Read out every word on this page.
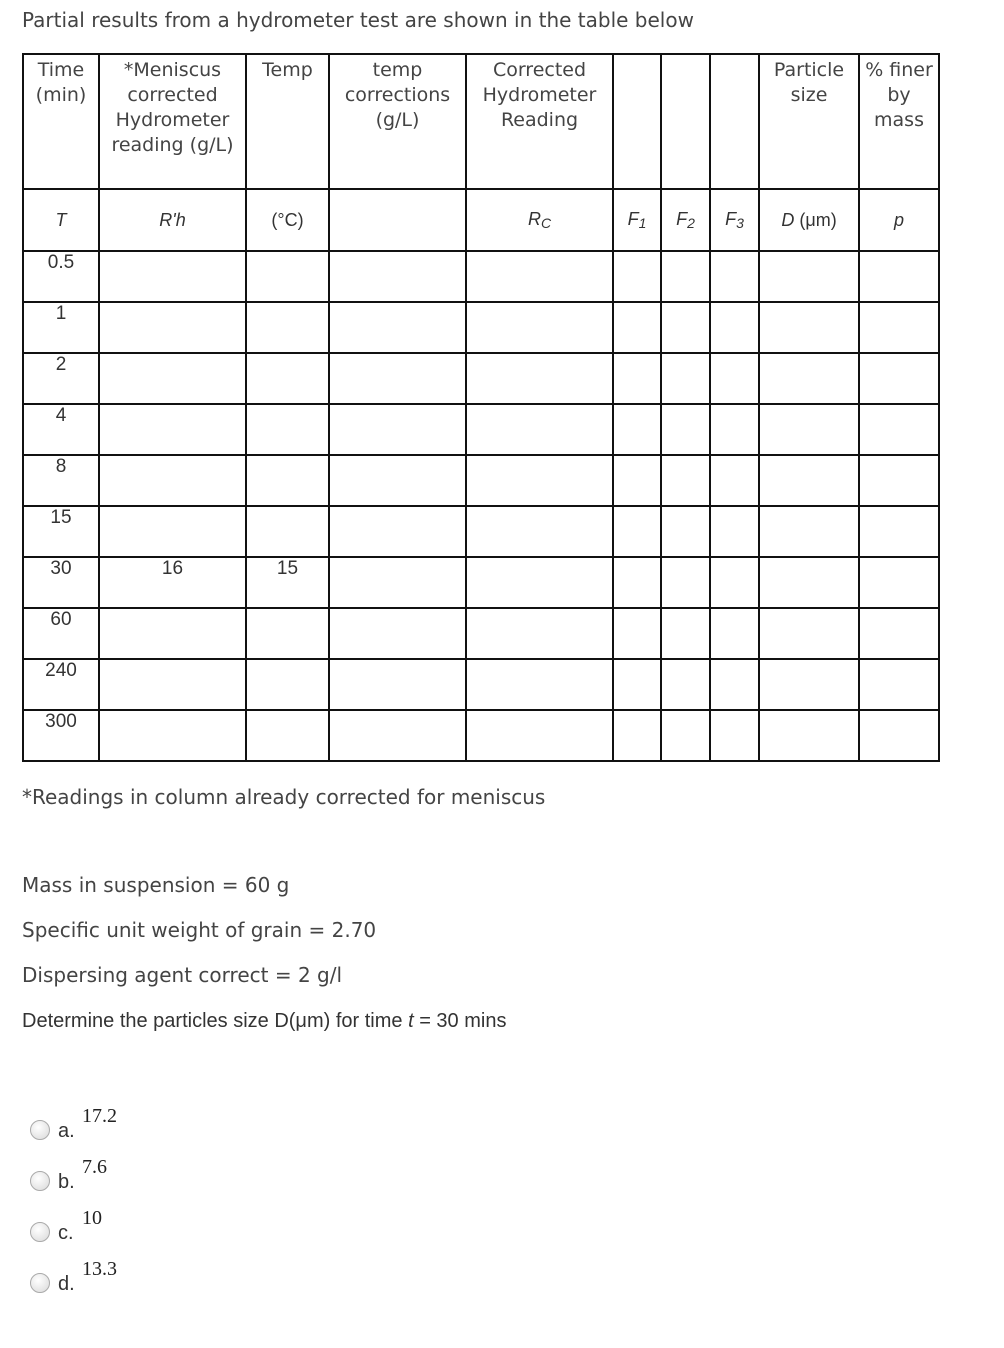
Partial results from a hydrometer test are shown in the table below
Time (min)	*Meniscus corrected Hydrometer reading (g/L)	Temp	temp corrections (g/L)	Corrected Hydrometer Reading				Particle size	% finer by mass
T	R'h	(°C)		$R_C$	$F_1$	$F_2$	$F_3$	D (μm)	p
0.5									
1									
2									
4									
8									
15									
30	16	15							
60									
240									
300									
*Readings in column already corrected for meniscus
Mass in suspension = 60 g
Specific unit weight of grain = 2.70
Dispersing agent correct = 2 g/l
Determine the particles size D(μm) for time t = 30 mins
a.
17.2
b.
7.6
c.
10
d.
13.3
